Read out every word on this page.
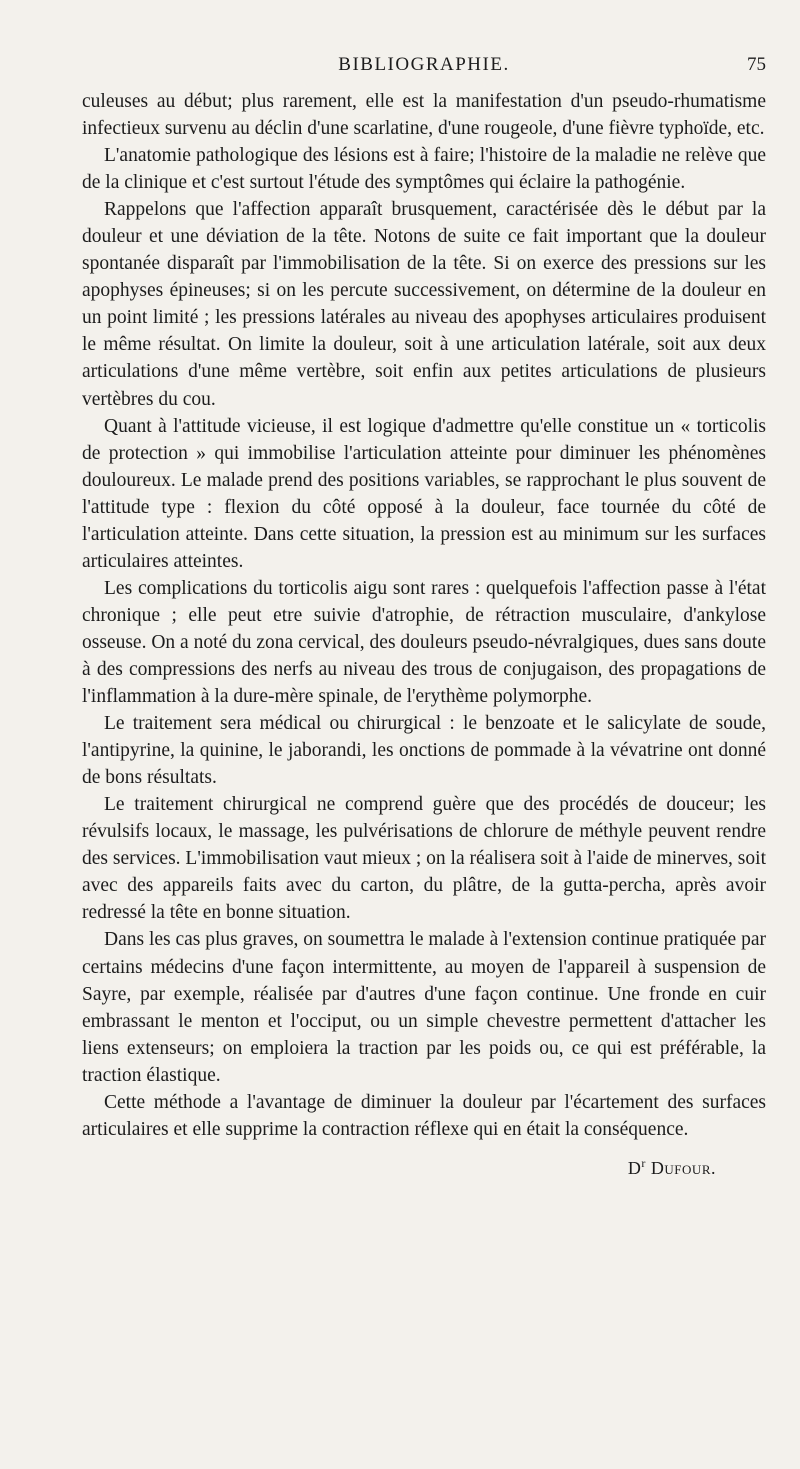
BIBLIOGRAPHIE.	75

culeuses au début; plus rarement, elle est la manifestation d'un pseudo-rhumatisme infectieux survenu au déclin d'une scarlatine, d'une rougeole, d'une fièvre typhoïde, etc.

L'anatomie pathologique des lésions est à faire; l'histoire de la maladie ne relève que de la clinique et c'est surtout l'étude des symptômes qui éclaire la pathogénie.

Rappelons que l'affection apparaît brusquement, caractérisée dès le début par la douleur et une déviation de la tête. Notons de suite ce fait important que la douleur spontanée disparaît par l'immobilisation de la tête. Si on exerce des pressions sur les apophyses épineuses; si on les percute successivement, on détermine de la douleur en un point limité ; les pressions latérales au niveau des apophyses articulaires produisent le même résultat. On limite la douleur, soit à une articulation latérale, soit aux deux articulations d'une même vertèbre, soit enfin aux petites articulations de plusieurs vertèbres du cou.

Quant à l'attitude vicieuse, il est logique d'admettre qu'elle constitue un « torticolis de protection » qui immobilise l'articulation atteinte pour diminuer les phénomènes douloureux. Le malade prend des positions variables, se rapprochant le plus souvent de l'attitude type : flexion du côté opposé à la douleur, face tournée du côté de l'articulation atteinte. Dans cette situation, la pression est au minimum sur les surfaces articulaires atteintes.

Les complications du torticolis aigu sont rares : quelquefois l'affection passe à l'état chronique ; elle peut etre suivie d'atrophie, de rétraction musculaire, d'ankylose osseuse. On a noté du zona cervical, des douleurs pseudo-névralgiques, dues sans doute à des compressions des nerfs au niveau des trous de conjugaison, des propagations de l'inflammation à la dure-mère spinale, de l'erythème polymorphe.

Le traitement sera médical ou chirurgical : le benzoate et le salicylate de soude, l'antipyrine, la quinine, le jaborandi, les onctions de pommade à la vévatrine ont donné de bons résultats.

Le traitement chirurgical ne comprend guère que des procédés de douceur; les révulsifs locaux, le massage, les pulvérisations de chlorure de méthyle peuvent rendre des services. L'immobilisation vaut mieux ; on la réalisera soit à l'aide de minerves, soit avec des appareils faits avec du carton, du plâtre, de la gutta-percha, après avoir redressé la tête en bonne situation.

Dans les cas plus graves, on soumettra le malade à l'extension continue pratiquée par certains médecins d'une façon intermittente, au moyen de l'appareil à suspension de Sayre, par exemple, réalisée par d'autres d'une façon continue. Une fronde en cuir embrassant le menton et l'occiput, ou un simple chevestre permettent d'attacher les liens extenseurs; on emploiera la traction par les poids ou, ce qui est préférable, la traction élastique.

Cette méthode a l'avantage de diminuer la douleur par l'écartement des surfaces articulaires et elle supprime la contraction réflexe qui en était la conséquence.

$D^r$ Dufour.
